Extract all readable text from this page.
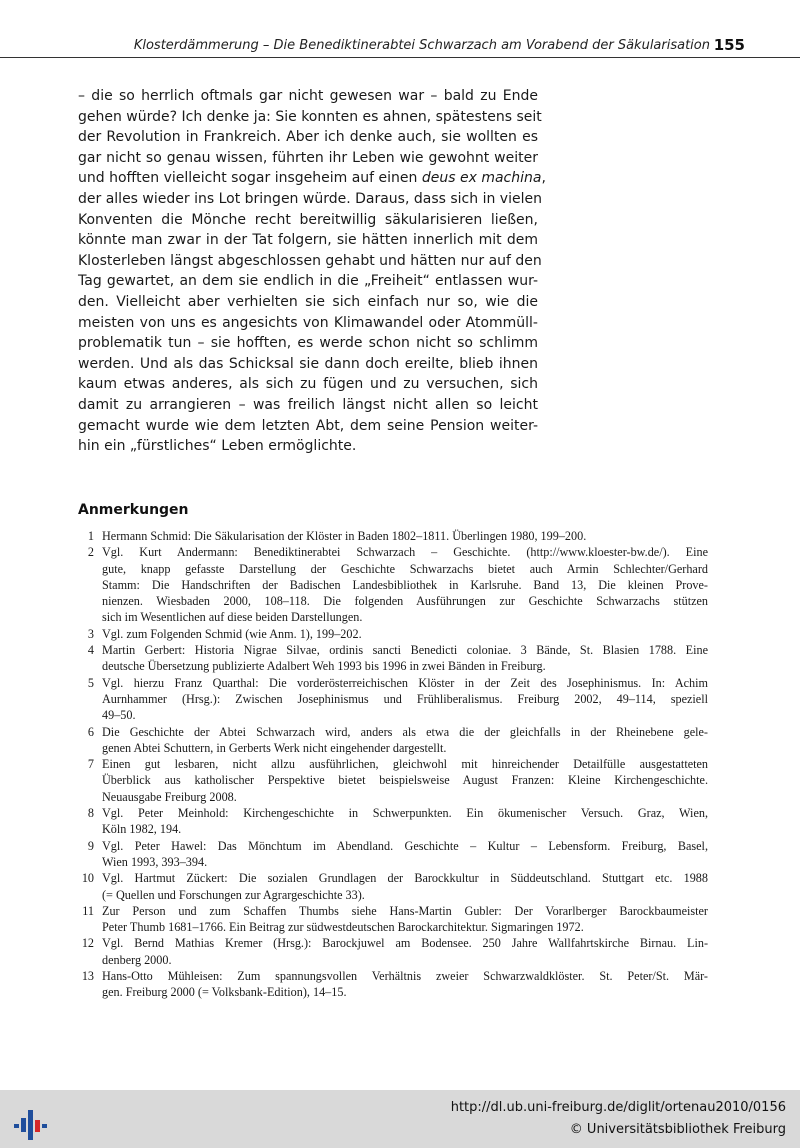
Klosterdämmerung – Die Benediktinerabtei Schwarzach am Vorabend der Säkularisation 155
– die so herrlich oftmals gar nicht gewesen war – bald zu Ende
gehen würde? Ich denke ja: Sie konnten es ahnen, spätestens seit
der Revolution in Frankreich. Aber ich denke auch, sie wollten es
gar nicht so genau wissen, führten ihr Leben wie gewohnt weiter
und hofften vielleicht sogar insgeheim auf einen deus ex machina,
der alles wieder ins Lot bringen würde. Daraus, dass sich in vielen
Konventen die Mönche recht bereitwillig säkularisieren ließen,
könnte man zwar in der Tat folgern, sie hätten innerlich mit dem
Klosterleben längst abgeschlossen gehabt und hätten nur auf den
Tag gewartet, an dem sie endlich in die „Freiheit“ entlassen wur-
den. Vielleicht aber verhielten sie sich einfach nur so, wie die
meisten von uns es angesichts von Klimawandel oder Atommüll-
problematik tun – sie hofften, es werde schon nicht so schlimm
werden. Und als das Schicksal sie dann doch ereilte, blieb ihnen
kaum etwas anderes, als sich zu fügen und zu versuchen, sich
damit zu arrangieren – was freilich längst nicht allen so leicht
gemacht wurde wie dem letzten Abt, dem seine Pension weiter-
hin ein „fürstliches“ Leben ermöglichte.
Anmerkungen
1 Hermann Schmid: Die Säkularisation der Klöster in Baden 1802–1811. Überlingen 1980, 199–200.
2 Vgl. Kurt Andermann: Benediktinerabtei Schwarzach – Geschichte. (http://www.kloester-bw.de/). Eine
gute, knapp gefasste Darstellung der Geschichte Schwarzachs bietet auch Armin Schlechter/Gerhard
Stamm: Die Handschriften der Badischen Landesbibliothek in Karlsruhe. Band 13, Die kleinen Prove-
nienzen. Wiesbaden 2000, 108–118. Die folgenden Ausführungen zur Geschichte Schwarzachs stützen
sich im Wesentlichen auf diese beiden Darstellungen.
3 Vgl. zum Folgenden Schmid (wie Anm. 1), 199–202.
4 Martin Gerbert: Historia Nigrae Silvae, ordinis sancti Benedicti coloniae. 3 Bände, St. Blasien 1788. Eine
deutsche Übersetzung publizierte Adalbert Weh 1993 bis 1996 in zwei Bänden in Freiburg.
5 Vgl. hierzu Franz Quarthal: Die vorderösterreichischen Klöster in der Zeit des Josephinismus. In: Achim
Aurnhammer (Hrsg.): Zwischen Josephinismus und Frühliberalismus. Freiburg 2002, 49–114, speziell
49–50.
6 Die Geschichte der Abtei Schwarzach wird, anders als etwa die der gleichfalls in der Rheinebene gele-
genen Abtei Schuttern, in Gerberts Werk nicht eingehender dargestellt.
7 Einen gut lesbaren, nicht allzu ausführlichen, gleichwohl mit hinreichender Detailfülle ausgestatteten
Überblick aus katholischer Perspektive bietet beispielsweise August Franzen: Kleine Kirchengeschichte.
Neuausgabe Freiburg 2008.
8 Vgl. Peter Meinhold: Kirchengeschichte in Schwerpunkten. Ein ökumenischer Versuch. Graz, Wien,
Köln 1982, 194.
9 Vgl. Peter Hawel: Das Mönchtum im Abendland. Geschichte – Kultur – Lebensform. Freiburg, Basel,
Wien 1993, 393–394.
10 Vgl. Hartmut Zückert: Die sozialen Grundlagen der Barockkultur in Süddeutschland. Stuttgart etc. 1988
(= Quellen und Forschungen zur Agrargeschichte 33).
11 Zur Person und zum Schaffen Thumbs siehe Hans-Martin Gubler: Der Vorarlberger Barockbaumeister
Peter Thumb 1681–1766. Ein Beitrag zur südwestdeutschen Barockarchitektur. Sigmaringen 1972.
12 Vgl. Bernd Mathias Kremer (Hrsg.): Barockjuwel am Bodensee. 250 Jahre Wallfahrtskirche Birnau. Lin-
denberg 2000.
13 Hans-Otto Mühleisen: Zum spannungsvollen Verhältnis zweier Schwarzwaldklöster. St. Peter/St. Mär-
gen. Freiburg 2000 (= Volksbank-Edition), 14–15.
http://dl.ub.uni-freiburg.de/diglit/ortenau2010/0156
© Universitätsbibliothek Freiburg
